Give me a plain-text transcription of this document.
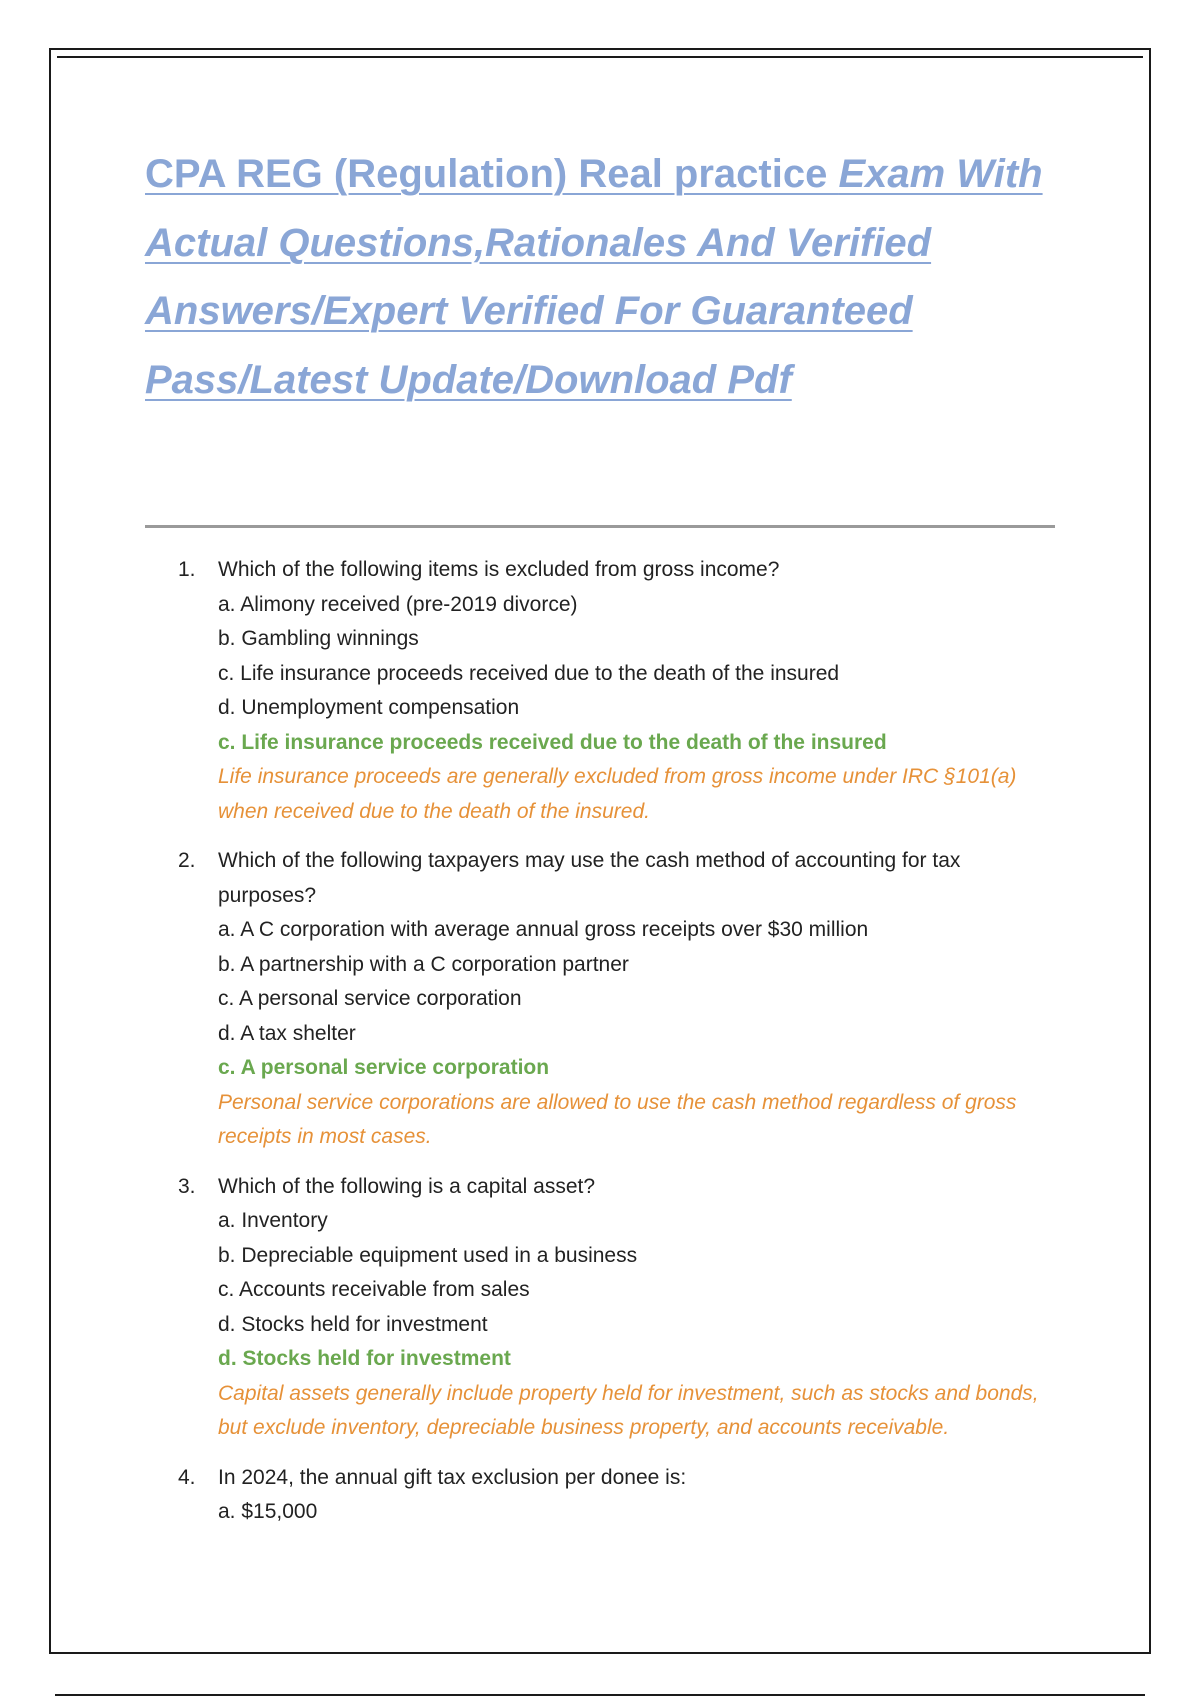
CPA REG (Regulation) Real practice Exam With Actual Questions,Rationales And Verified Answers/Expert Verified For Guaranteed Pass/Latest Update/Download Pdf
1. Which of the following items is excluded from gross income?

a. Alimony received (pre-2019 divorce)

b. Gambling winnings

c. Life insurance proceeds received due to the death of the insured

d. Unemployment compensation

c. Life insurance proceeds received due to the death of the insured

Life insurance proceeds are generally excluded from gross income under IRC §101(a) when received due to the death of the insured.

2. Which of the following taxpayers may use the cash method of accounting for tax purposes?

a. A C corporation with average annual gross receipts over $30 million

b. A partnership with a C corporation partner

c. A personal service corporation

d. A tax shelter

c. A personal service corporation

Personal service corporations are allowed to use the cash method regardless of gross receipts in most cases.

3. Which of the following is a capital asset?

a. Inventory

b. Depreciable equipment used in a business

c. Accounts receivable from sales

d. Stocks held for investment

d. Stocks held for investment

Capital assets generally include property held for investment, such as stocks and bonds, but exclude inventory, depreciable business property, and accounts receivable.

4. In 2024, the annual gift tax exclusion per donee is:

a. $15,000
